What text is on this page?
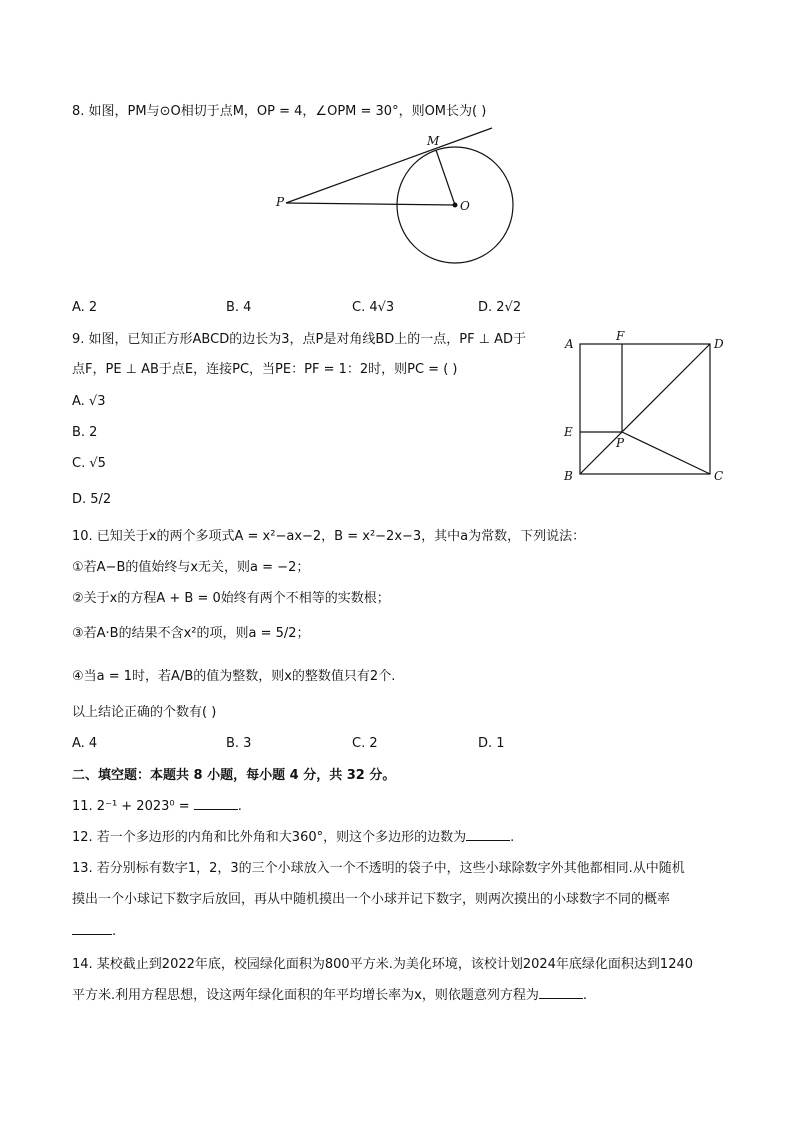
8. 如图，PM与⊙O相切于点M，OP = 4，∠OPM = 30°，则OM长为( )
M
P	O
A. 2	B. 4	C. 4√3	D. 2√2
9. 如图，已知正方形ABCD的边长为3，点P是对角线BD上的一点，PF ⊥ AD于
点F，PE ⊥ AB于点E，连接PC，当PE：PF = 1：2时，则PC = ( )
A. √3
B. 2
C. √5
D. 5/2
A
F
D
E
P
B	C
10. 已知关于x的两个多项式A = x²−ax−2，B = x²−2x−3，其中a为常数，下列说法：
①若A−B的值始终与x无关，则a = −2；
②关于x的方程A + B = 0始终有两个不相等的实数根；
③若A·B的结果不含x²的项，则a = 5/2；
④当a = 1时，若A/B的值为整数，则x的整数值只有2个.
以上结论正确的个数有( )
A. 4	B. 3	C. 2	D. 1
二、填空题：本题共 8 小题，每小题 4 分，共 32 分。
11. 2⁻¹ + 2023⁰ =	.
12. 若一个多边形的内角和比外角和大360°，则这个多边形的边数为	.
13. 若分别标有数字1，2，3的三个小球放入一个不透明的袋子中，这些小球除数字外其他都相同.从中随机
摸出一个小球记下数字后放回，再从中随机摸出一个小球并记下数字，则两次摸出的小球数字不同的概率
.
14. 某校截止到2022年底，校园绿化面积为800平方米.为美化环境，该校计划2024年底绿化面积达到1240
平方米.利用方程思想，设这两年绿化面积的年平均增长率为x，则依题意列方程为	.
